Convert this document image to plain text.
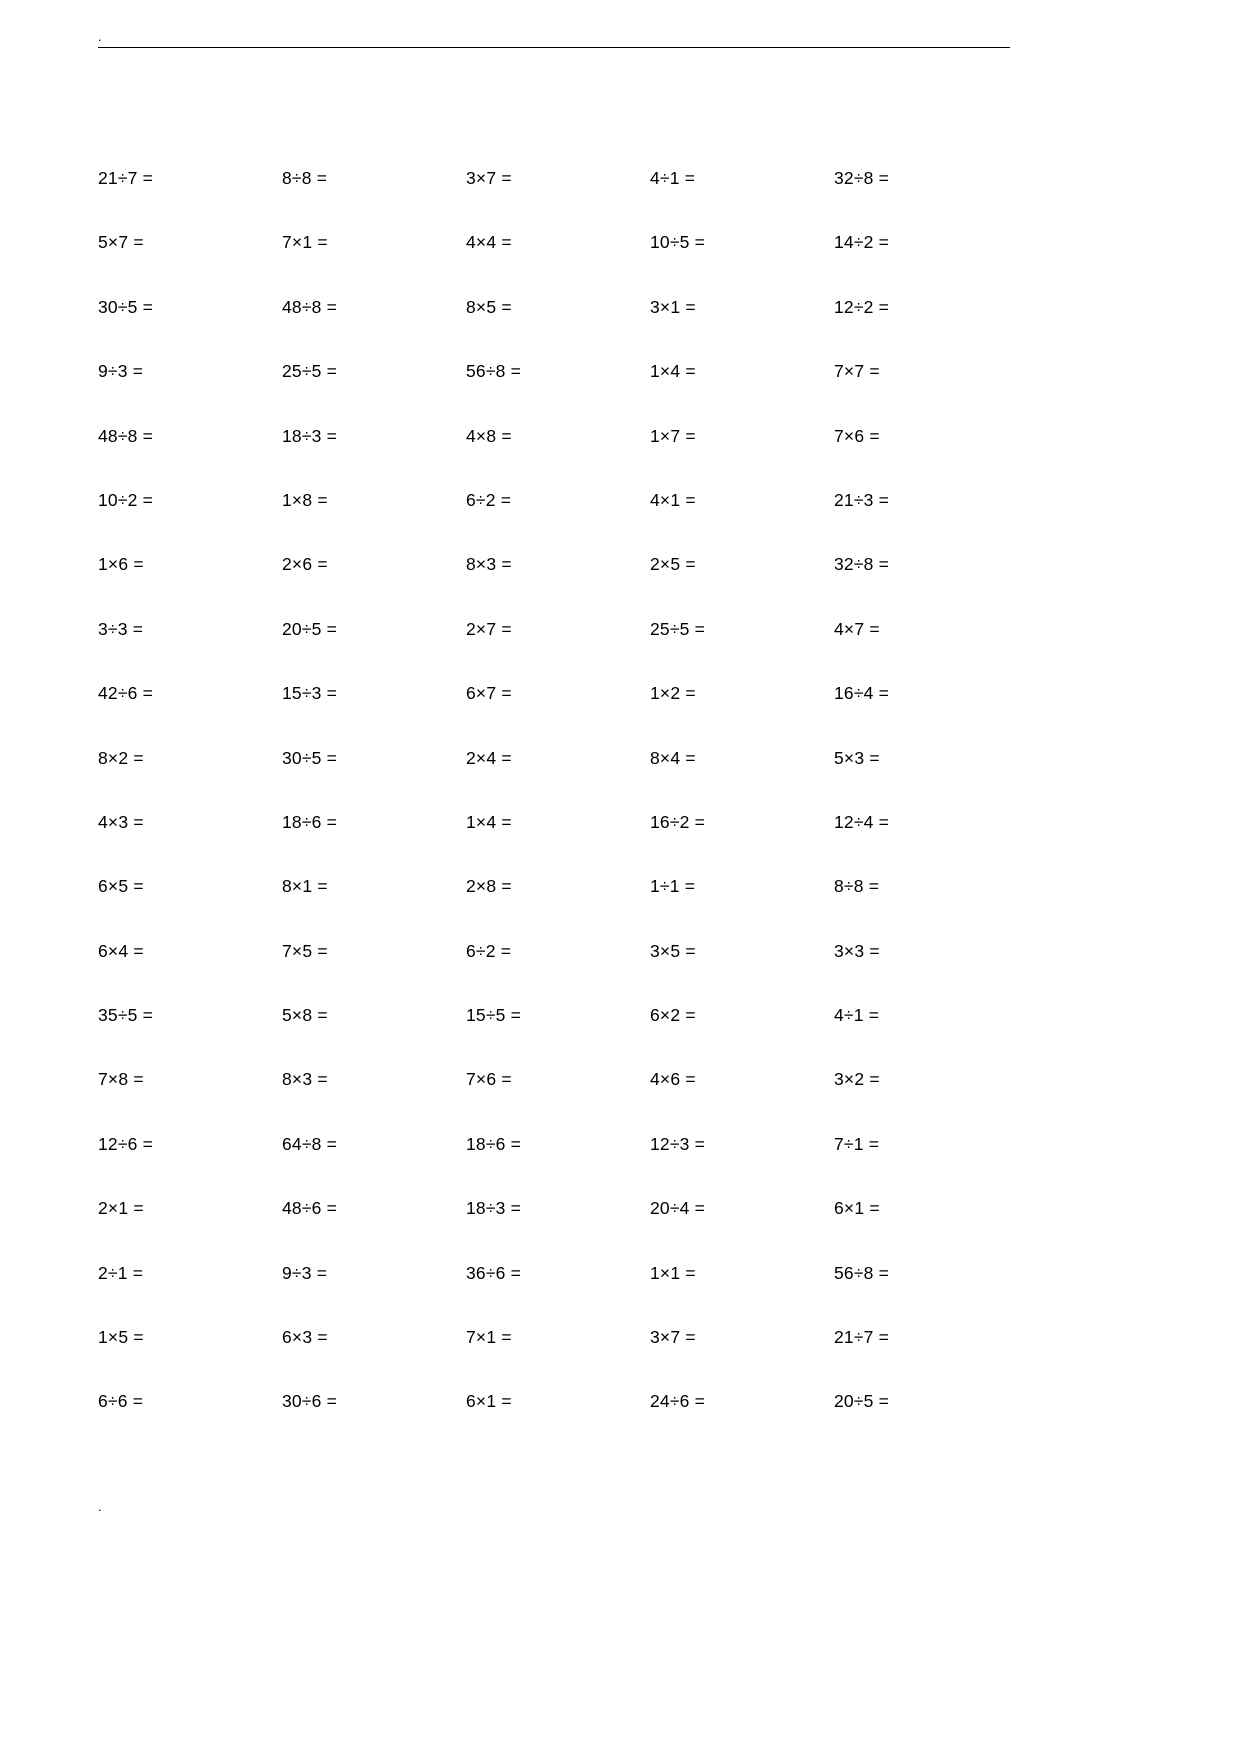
.
21÷7 =	8÷8 =	3×7 =	4÷1 =	32÷8 =
5×7 =	7×1 =	4×4 =	10÷5 =	14÷2 =
30÷5 =	48÷8 =	8×5 =	3×1 =	12÷2 =
9÷3 =	25÷5 =	56÷8 =	1×4 =	7×7 =
48÷8 =	18÷3 =	4×8 =	1×7 =	7×6 =
10÷2 =	1×8 =	6÷2 =	4×1 =	21÷3 =
1×6 =	2×6 =	8×3 =	2×5 =	32÷8 =
3÷3 =	20÷5 =	2×7 =	25÷5 =	4×7 =
42÷6 =	15÷3 =	6×7 =	1×2 =	16÷4 =
8×2 =	30÷5 =	2×4 =	8×4 =	5×3 =
4×3 =	18÷6 =	1×4 =	16÷2 =	12÷4 =
6×5 =	8×1 =	2×8 =	1÷1 =	8÷8 =
6×4 =	7×5 =	6÷2 =	3×5 =	3×3 =
35÷5 =	5×8 =	15÷5 =	6×2 =	4÷1 =
7×8 =	8×3 =	7×6 =	4×6 =	3×2 =
12÷6 =	64÷8 =	18÷6 =	12÷3 =	7÷1 =
2×1 =	48÷6 =	18÷3 =	20÷4 =	6×1 =
2÷1 =	9÷3 =	36÷6 =	1×1 =	56÷8 =
1×5 =	6×3 =	7×1 =	3×7 =	21÷7 =
6÷6 =	30÷6 =	6×1 =	24÷6 =	20÷5 =
.
